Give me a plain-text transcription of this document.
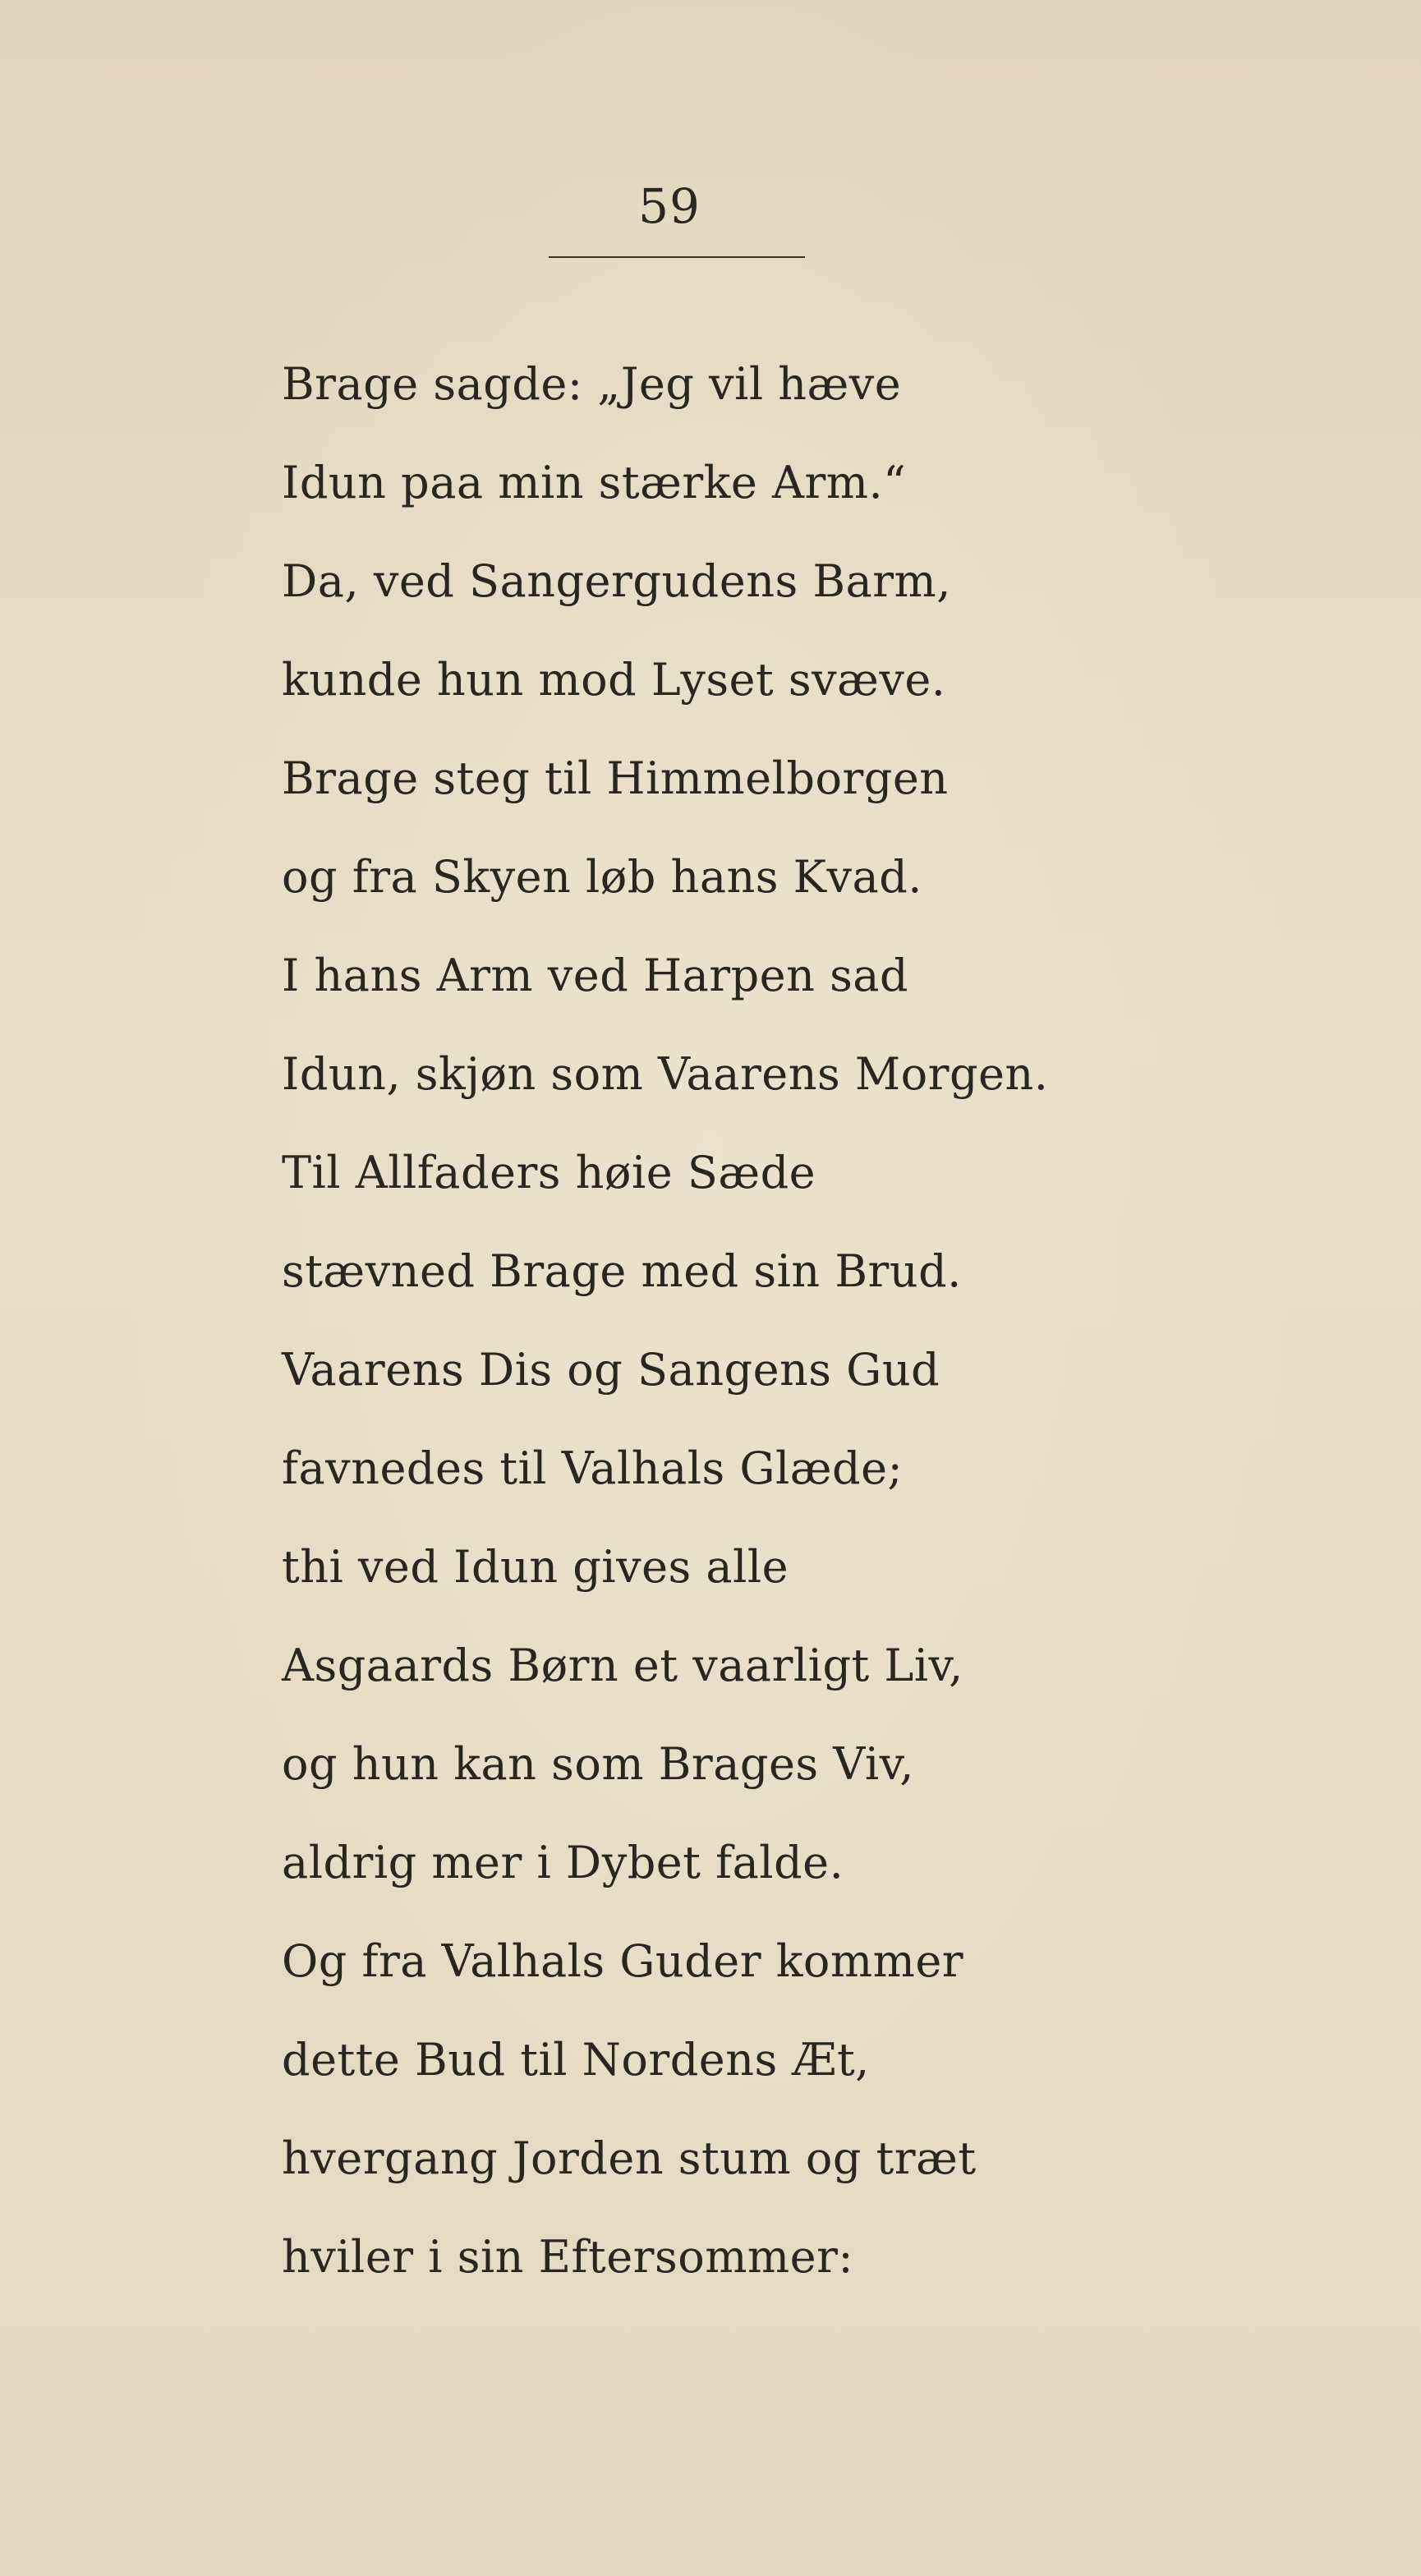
59
Brage sagde: „Jeg vil hæve
Idun paa min stærke Arm.“
Da, ved Sangergudens Barm,
kunde hun mod Lyset svæve.
Brage steg til Himmelborgen
og fra Skyen løb hans Kvad.
I hans Arm ved Harpen sad
Idun, skjøn som Vaarens Morgen.
Til Allfaders høie Sæde
stævned Brage med sin Brud.
Vaarens Dis og Sangens Gud
favnedes til Valhals Glæde;
thi ved Idun gives alle
Asgaards Børn et vaarligt Liv,
og hun kan som Brages Viv,
aldrig mer i Dybet falde.
Og fra Valhals Guder kommer
dette Bud til Nordens Æt,
hvergang Jorden stum og træt
hviler i sin Eftersommer:
